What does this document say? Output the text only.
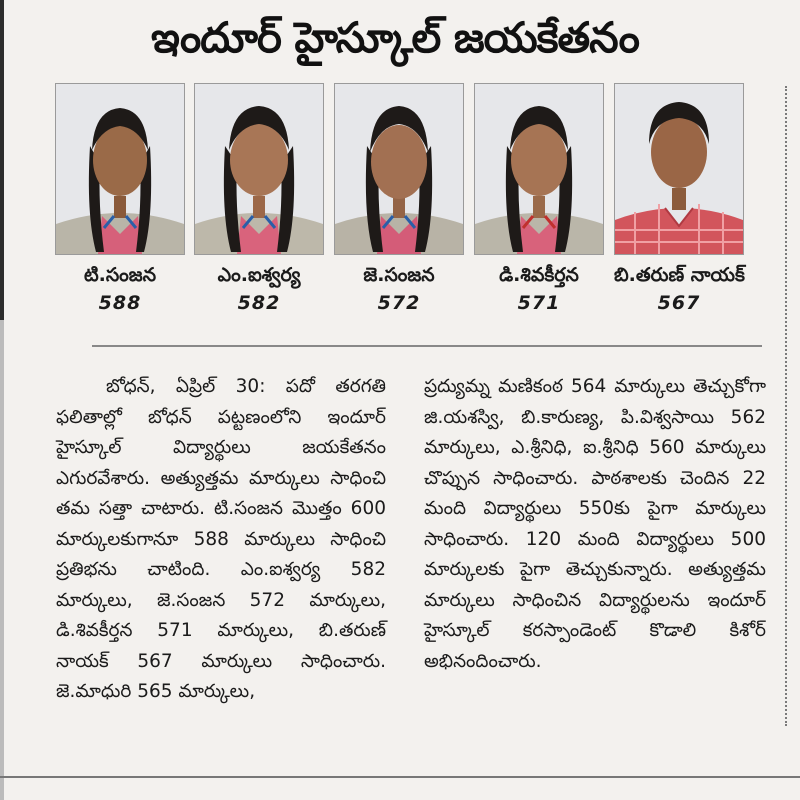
ఇందూర్ హైస్కూల్ జయకేతనం
టి.సంజన
588
ఎం.ఐశ్వర్య
582
జె.సంజన
572
డి.శివకీర్తన
571
బి.తరుణ్ నాయక్
567

బోధన్, ఏప్రిల్ 30: పదో తరగతి ఫలితాల్లో బోధన్ పట్టణంలోని ఇందూర్ హైస్కూల్ విద్యార్థులు జయకేతనం ఎగురవేశారు. అత్యుత్తమ మార్కులు సాధించి తమ సత్తా చాటారు. టి.సంజన మొత్తం 600 మార్కులకుగానూ 588 మార్కులు సాధించి ప్రతిభను చాటింది. ఎం.ఐశ్వర్య 582 మార్కులు, జె.సంజన 572 మార్కులు, డి.శివకీర్తన 571 మార్కులు, బి.తరుణ్ నాయక్ 567 మార్కులు సాధించారు. జె.మాధురి 565 మార్కులు,

ప్రద్యుమ్న మణికంఠ 564 మార్కులు తెచ్చుకోగా జి.యశస్వి, బి.కారుణ్య, పి.విశ్వసాయి 562 మార్కులు, ఎ.శ్రీనిధి, ఐ.శ్రీనిధి 560 మార్కులు చొప్పున సాధించారు. పాఠశాలకు చెందిన 22 మంది విద్యార్థులు 550కు పైగా మార్కులు సాధించారు. 120 మంది విద్యార్థులు 500 మార్కులకు పైగా తెచ్చుకున్నారు. అత్యుత్తమ మార్కులు సాధించిన విద్యార్థులను ఇందూర్ హైస్కూల్ కరస్పాండెంట్ కొడాలి కిశోర్ అభినందించారు.
